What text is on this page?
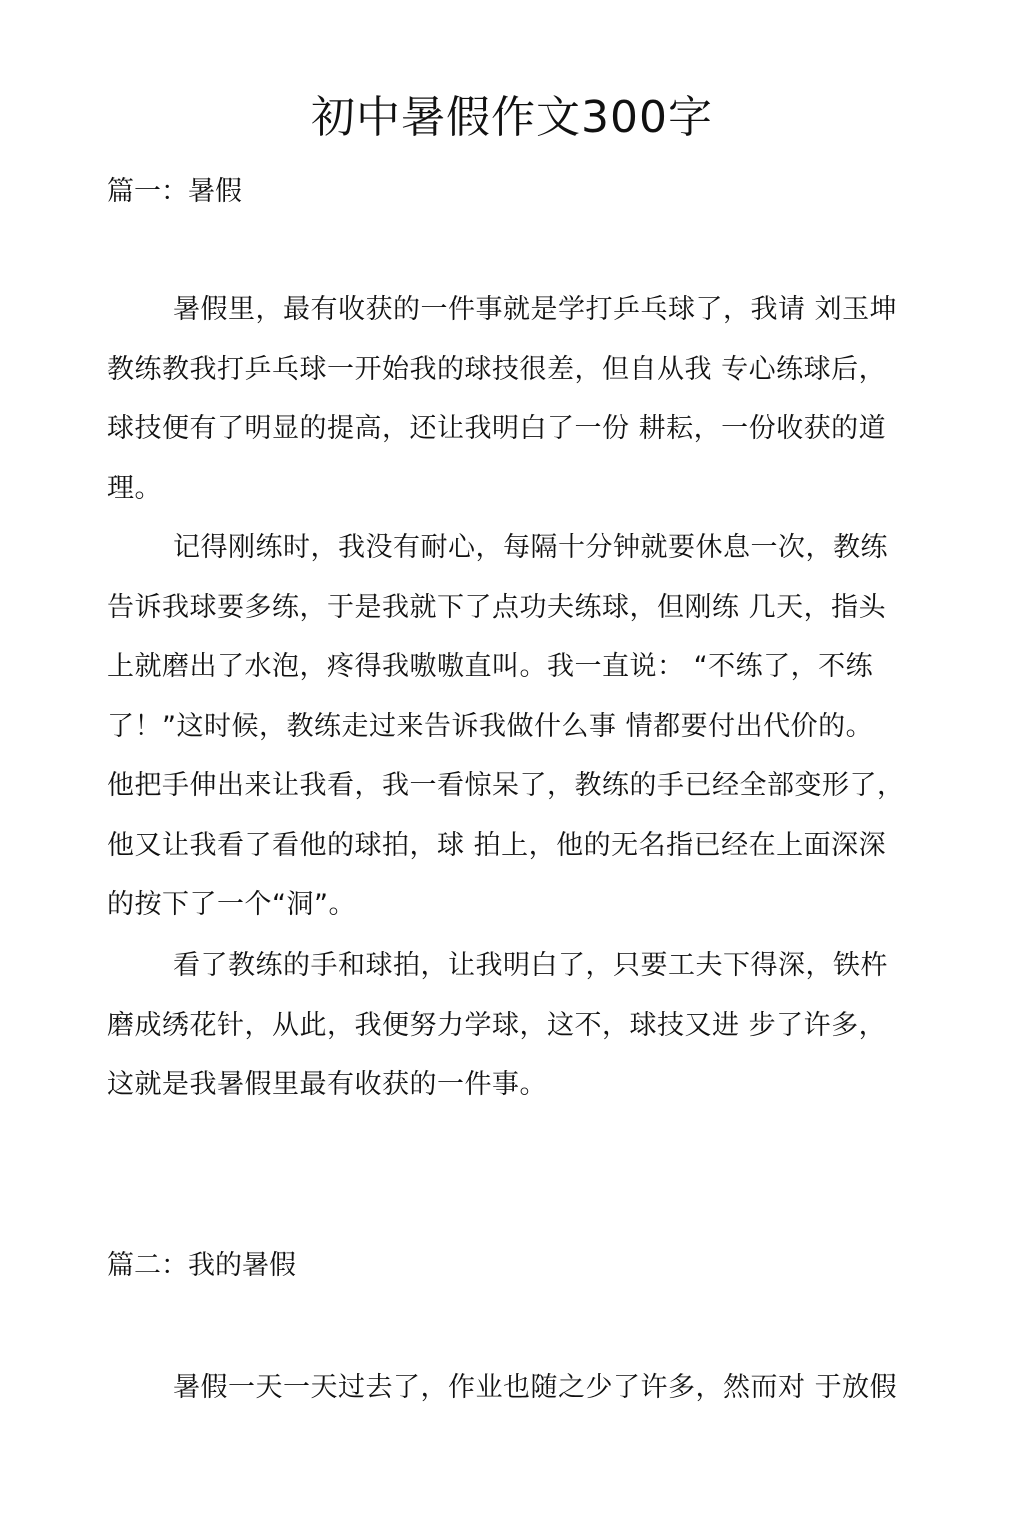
初中暑假作文300字
篇一：暑假

暑假里，最有收获的一件事就是学打乒乓球了，我请 刘玉坤
教练教我打乒乓球一开始我的球技很差，但自从我 专心练球后，
球技便有了明显的提高，还让我明白了一份 耕耘，一份收获的道
理。

记得刚练时，我没有耐心，每隔十分钟就要休息一次，教练
告诉我球要多练，于是我就下了点功夫练球，但刚练 几天，指头
上就磨出了水泡，疼得我嗷嗷直叫。我一直说： “不练了，不练
了！”这时候，教练走过来告诉我做什么事 情都要付出代价的。
他把手伸出来让我看，我一看惊呆了，教练的手已经全部变形了，
他又让我看了看他的球拍，球 拍上，他的无名指已经在上面深深
的按下了一个“洞”。

看了教练的手和球拍，让我明白了，只要工夫下得深，铁杵
磨成绣花针，从此，我便努力学球，这不，球技又进 步了许多，
这就是我暑假里最有收获的一件事。

篇二：我的暑假

暑假一天一天过去了，作业也随之少了许多，然而对 于放假
